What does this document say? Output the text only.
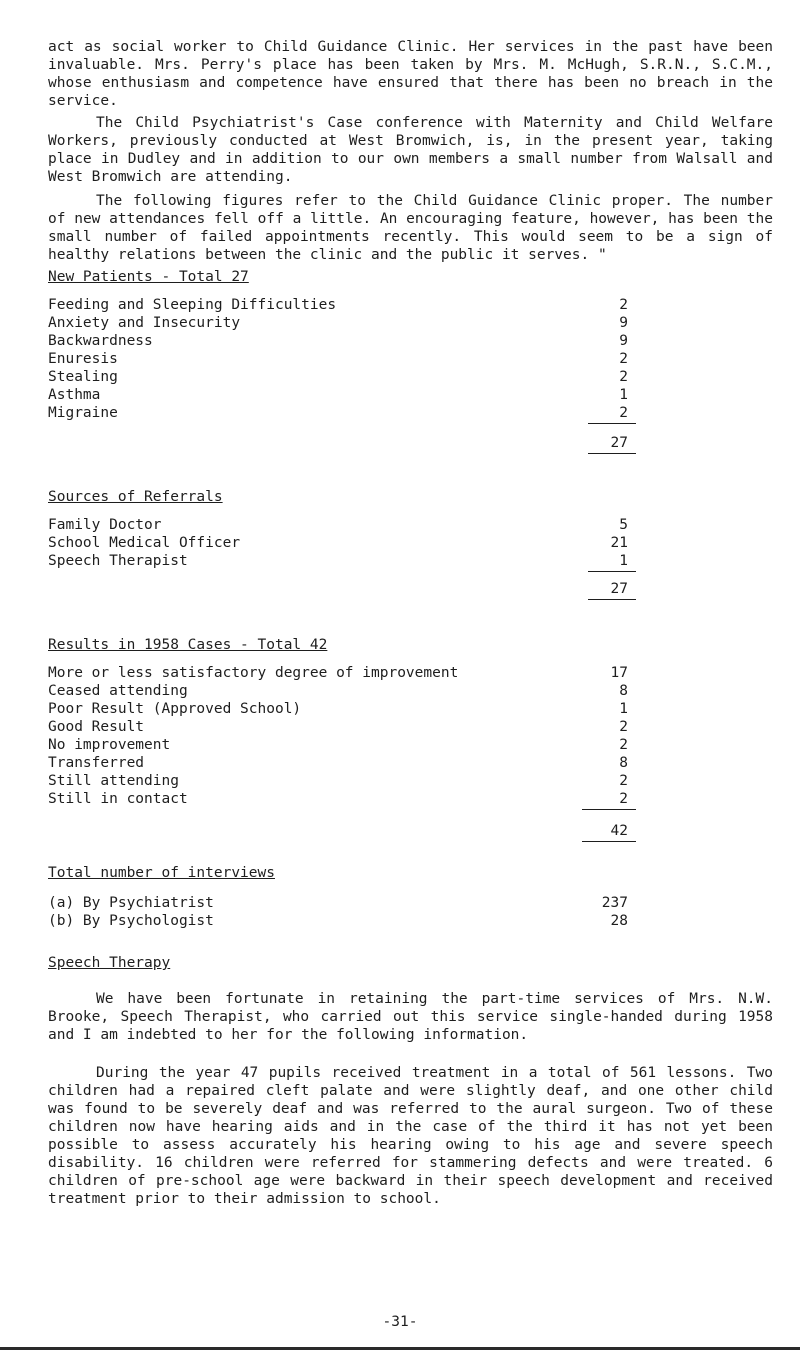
act as social worker to Child Guidance Clinic. Her services in the past have been invaluable. Mrs. Perry's place has been taken by Mrs. M. McHugh, S.R.N., S.C.M., whose enthusiasm and competence have ensured that there has been no breach in the service.

The Child Psychiatrist's Case conference with Maternity and Child Welfare Workers, previously conducted at West Bromwich, is, in the present year, taking place in Dudley and in addition to our own members a small number from Walsall and West Bromwich are attending.

The following figures refer to the Child Guidance Clinic proper. The number of new attendances fell off a little. An encouraging feature, however, has been the small number of failed appointments recently. This would seem to be a sign of healthy relations between the clinic and the public it serves. "

New Patients - Total 27
Feeding and Sleeping Difficulties	2
Anxiety and Insecurity	9
Backwardness	9
Enuresis	2
Stealing	2
Asthma	1
Migraine	2
27
Sources of Referrals
Family Doctor	5
School Medical Officer	21
Speech Therapist	1
27
Results in 1958 Cases - Total 42
More or less satisfactory degree of improvement	17
Ceased attending	8
Poor Result (Approved School)	1
Good Result	2
No improvement	2
Transferred	8
Still attending	2
Still in contact	2
42
Total number of interviews
(a) By Psychiatrist	237
(b) By Psychologist	28
Speech Therapy

We have been fortunate in retaining the part-time services of Mrs. N.W. Brooke, Speech Therapist, who carried out this service single-handed during 1958 and I am indebted to her for the following information.

During the year 47 pupils received treatment in a total of 561 lessons. Two children had a repaired cleft palate and were slightly deaf, and one other child was found to be severely deaf and was referred to the aural surgeon. Two of these children now have hearing aids and in the case of the third it has not yet been possible to assess accurately his hearing owing to his age and severe speech disability. 16 children were referred for stammering defects and were treated. 6 children of pre-school age were backward in their speech development and received treatment prior to their admission to school.

-31-
